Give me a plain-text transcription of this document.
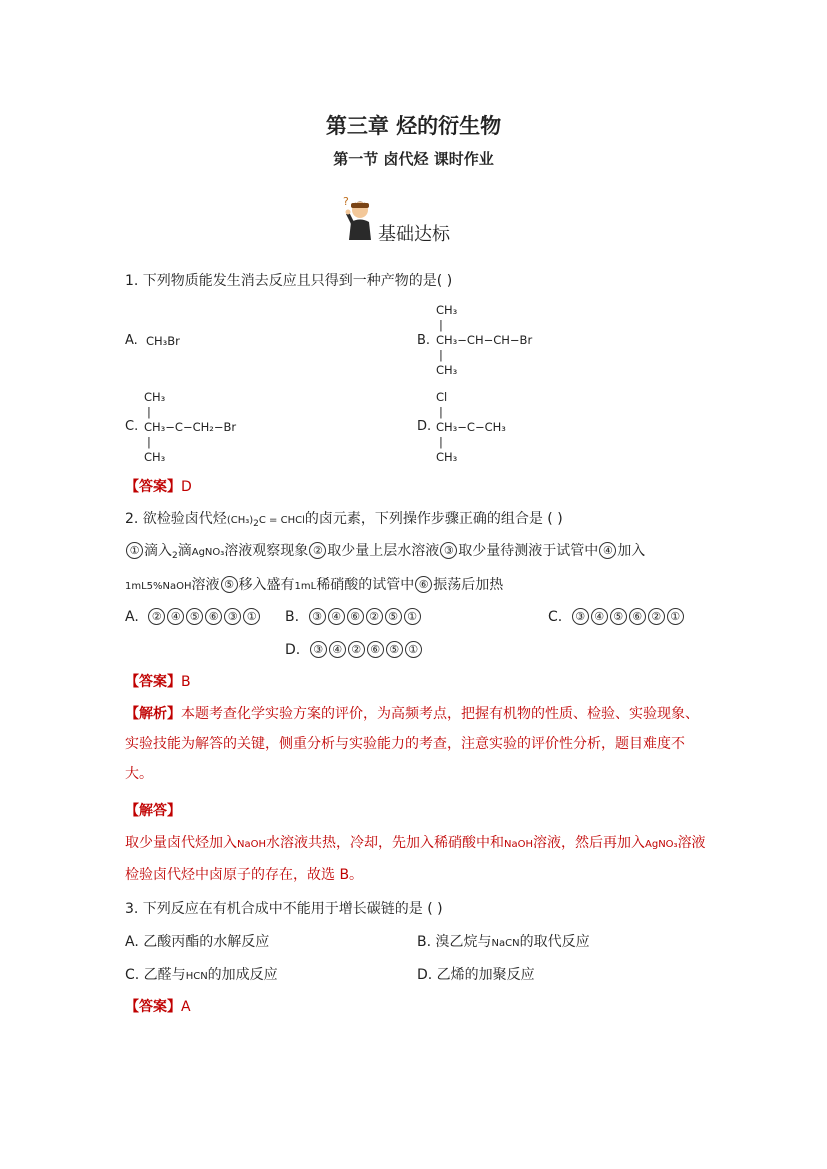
第三章 烃的衍生物
第一节 卤代烃 课时作业
?
基础达标
1. 下列物质能发生消去反应且只得到一种产物的是( )
A. CH₃Br	B.
CH₃
|
CH₃−CH−CH−Br
|
CH₃
C.
CH₃
|
CH₃−C−CH₂−Br
|
CH₃
D.
Cl
|
CH₃−C−CH₃
|
CH₃
【答案】D
2. 欲检验卤代烃$(CH_3)_2C$ = CHCl的卤元素，下列操作步骤正确的组合是 ( )
① 滴入$_2$滴AgNO₃溶液观察现象 ② 取少量上层水溶液 ③ 取少量待测液于试管中 ④ 加入
1mL5%NaOH溶液 ⑤ 移入盛有1mL稀硝酸的试管中 ⑥ 振荡后加热
A. ② ④ ⑤ ⑥ ③ ①	B. ③ ④ ⑥ ② ⑤ ①	C. ③ ④ ⑤ ⑥ ② ①
D. ③ ④ ② ⑥ ⑤ ①
【答案】B
【解析】本题考查化学实验方案的评价，为高频考点，把握有机物的性质、检验、实验现象、实验技能为解答的关键，侧重分析与实验能力的考查，注意实验的评价性分析，题目难度不大。
【解答】
取少量卤代烃加入NaOH水溶液共热，冷却，先加入稀硝酸中和NaOH溶液，然后再加入AgNO₃溶液检验卤代烃中卤原子的存在，故选 B。
3. 下列反应在有机合成中不能用于增长碳链的是 ( )
A. 乙酸丙酯的水解反应	B. 溴乙烷与NaCN的取代反应
C. 乙醛与HCN的加成反应	D. 乙烯的加聚反应
【答案】A
